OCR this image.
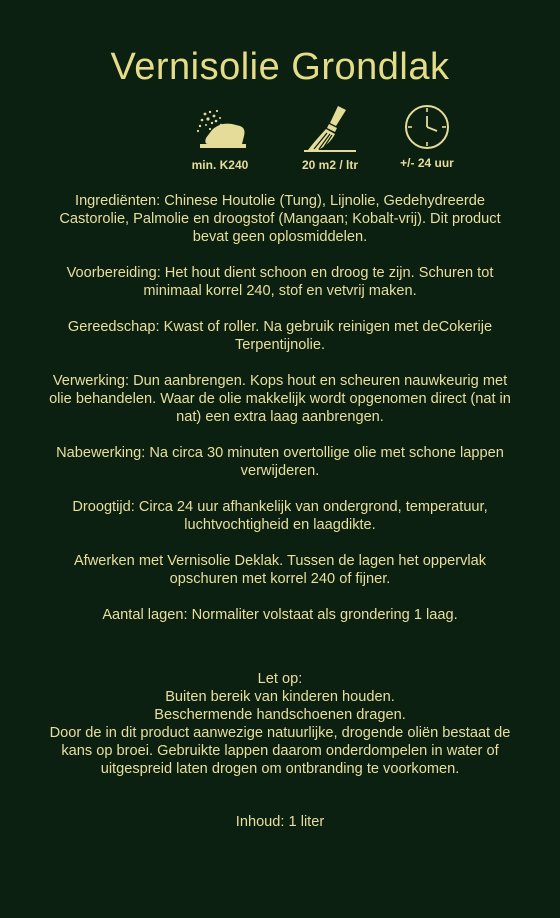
Vernisolie Grondlak
min. K240	20 m2 / ltr	+/- 24 uur

Ingrediënten: Chinese Houtolie (Tung), Lijnolie, Gedehydreerde Castorolie, Palmolie en droogstof (Mangaan; Kobalt-vrij). Dit product bevat geen oplosmiddelen.

Voorbereiding: Het hout dient schoon en droog te zijn. Schuren tot minimaal korrel 240, stof en vetvrij maken.

Gereedschap: Kwast of roller. Na gebruik reinigen met deCokerije Terpentijnolie.

Verwerking: Dun aanbrengen. Kops hout en scheuren nauwkeurig met olie behandelen. Waar de olie makkelijk wordt opgenomen direct (nat in nat) een extra laag aanbrengen.

Nabewerking: Na circa 30 minuten overtollige olie met schone lappen verwijderen.

Droogtijd: Circa 24 uur afhankelijk van ondergrond, temperatuur, luchtvochtigheid en laagdikte.

Afwerken met Vernisolie Deklak. Tussen de lagen het oppervlak opschuren met korrel 240 of fijner.

Aantal lagen: Normaliter volstaat als grondering 1 laag.

Let op:
Buiten bereik van kinderen houden.
Beschermende handschoenen dragen.
Door de in dit product aanwezige natuurlijke, drogende oliën bestaat de kans op broei. Gebruikte lappen daarom onderdompelen in water of uitgespreid laten drogen om ontbranding te voorkomen.
Inhoud: 1 liter
